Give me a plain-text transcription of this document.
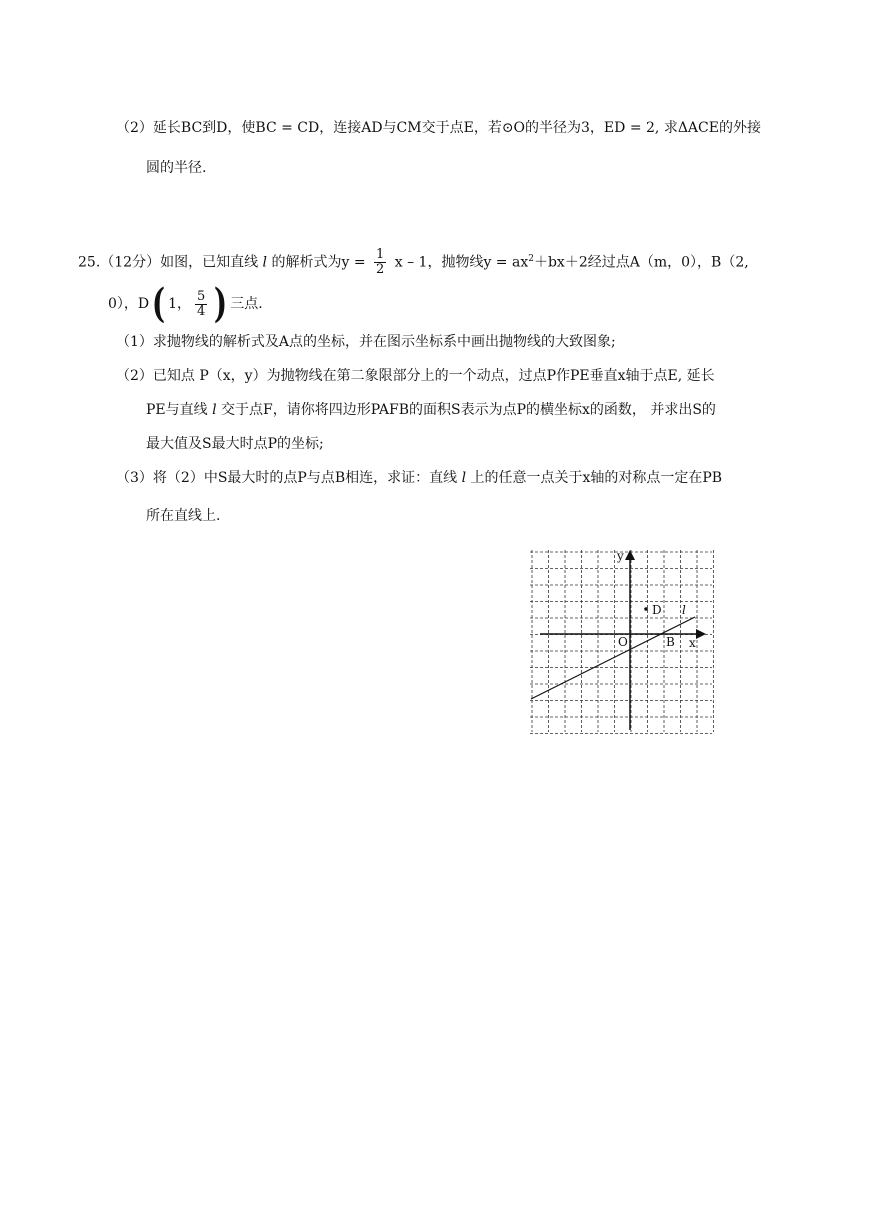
（2）延长BC到D，使BC = CD，连接AD与CM交于点E，若⊙O的半径为3，ED = 2, 求ΔACE的外接
圆的半径.
25.（12分）如图，已知直线 l 的解析式为$y = \frac{1}{2}$ x – 1，抛物线$y = ax^2+bx+2$经过点A（m，0），B（2,
0），D( 1， $\frac{5}{4}$ )三点.
（1）求抛物线的解析式及A点的坐标，并在图示坐标系中画出抛物线的大致图象;
（2）已知点 P（x，y）为抛物线在第二象限部分上的一个动点，过点P作PE垂直x轴于点E, 延长
PE与直线 l 交于点F，请你将四边形PAFB的面积S表示为点P的横坐标x的函数， 并求出S的
最大值及S最大时点P的坐标;
（3）将（2）中S最大时的点P与点B相连，求证：直线 l 上的任意一点关于x轴的对称点一定在PB
所在直线上.
y
x
O
D
B
l
